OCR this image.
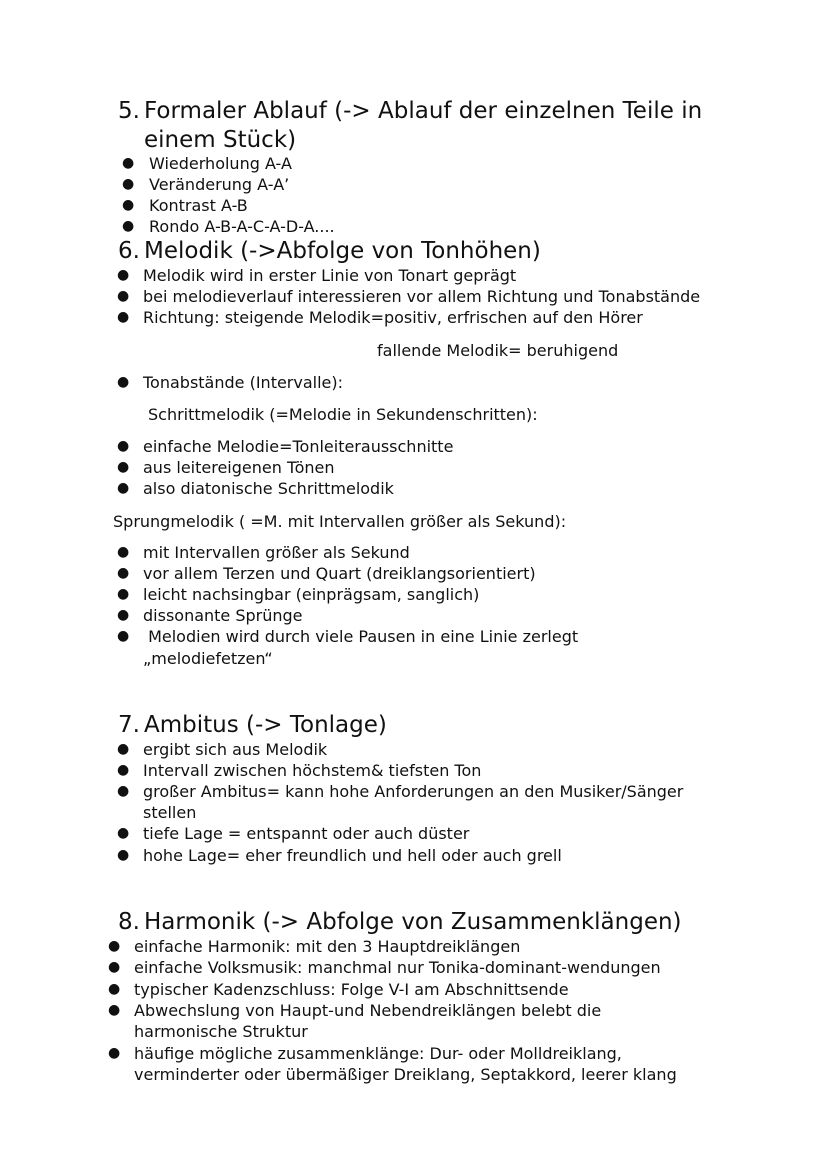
5. Formaler Ablauf (-> Ablauf der einzelnen Teile in
einem Stück)
● Wiederholung A-A
● Veränderung A-A’
● Kontrast A-B
● Rondo A-B-A-C-A-D-A....
6. Melodik (->Abfolge von Tonhöhen)
● Melodik wird in erster Linie von Tonart geprägt
● bei melodieverlauf interessieren vor allem Richtung und Tonabstände
● Richtung: steigende Melodik=positiv, erfrischen auf den Hörer
fallende Melodik= beruhigend
● Tonabstände (Intervalle):
Schrittmelodik (=Melodie in Sekundenschritten):
● einfache Melodie=Tonleiterausschnitte
● aus leitereigenen Tönen
● also diatonische Schrittmelodik
Sprungmelodik ( =M. mit Intervallen größer als Sekund):
● mit Intervallen größer als Sekund
● vor allem Terzen und Quart (dreiklangsorientiert)
● leicht nachsingbar (einprägsam, sanglich)
● dissonante Sprünge
● Melodien wird durch viele Pausen in eine Linie zerlegt
„melodiefetzen“
7. Ambitus (-> Tonlage)
● ergibt sich aus Melodik
● Intervall zwischen höchstem& tiefsten Ton
● großer Ambitus= kann hohe Anforderungen an den Musiker/Sänger
stellen
● tiefe Lage = entspannt oder auch düster
● hohe Lage= eher freundlich und hell oder auch grell
8. Harmonik (-> Abfolge von Zusammenklängen)
● einfache Harmonik: mit den 3 Hauptdreiklängen
● einfache Volksmusik: manchmal nur Tonika-dominant-wendungen
● typischer Kadenzschluss: Folge V-I am Abschnittsende
● Abwechslung von Haupt-und Nebendreiklängen belebt die
harmonische Struktur
● häufige mögliche zusammenklänge: Dur- oder Molldreiklang,
verminderter oder übermäßiger Dreiklang, Septakkord, leerer klang
